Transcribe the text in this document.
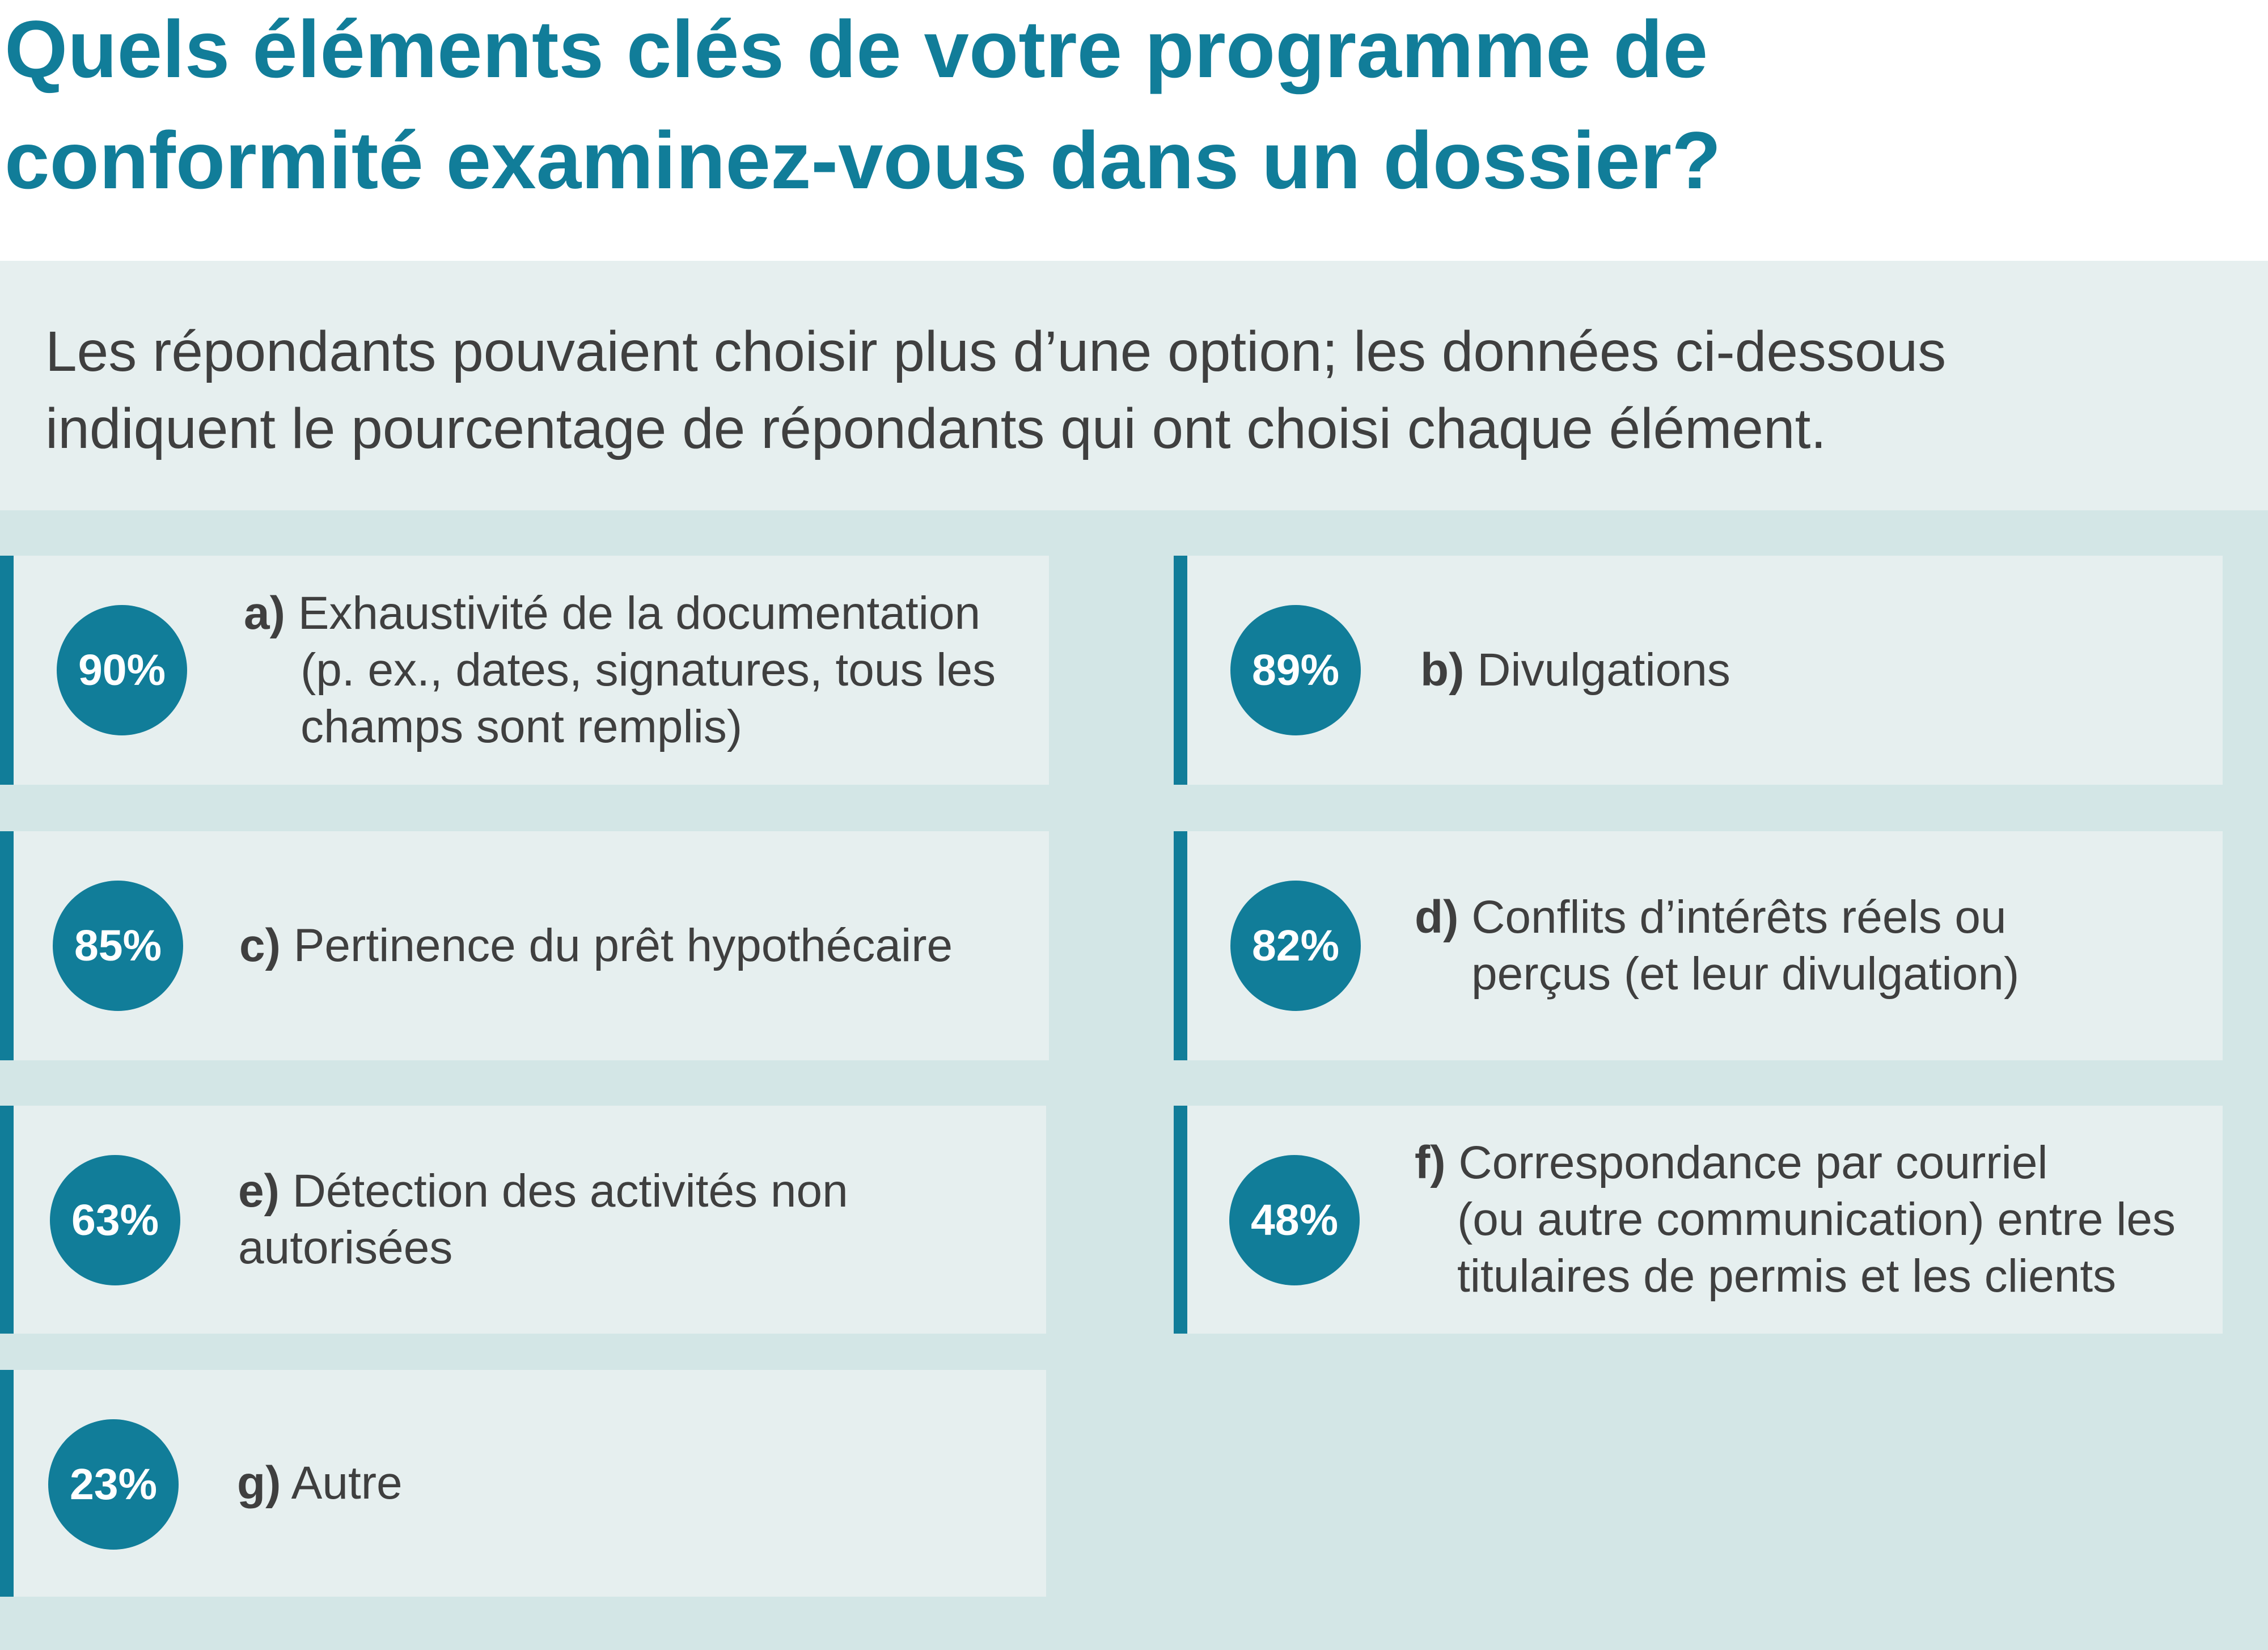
Quels éléments clés de votre programme de
conformité examinez-vous dans un dossier?

Les répondants pouvaient choisir plus d’une option; les données ci-dessous
indiquent le pourcentage de répondants qui ont choisi chaque élément.

90%
a) Exhaustivité de la documentation
(p. ex., dates, signatures, tous les
champs sont remplis)
89%	b) Divulgations
85%	c) Pertinence du prêt hypothécaire	82%
d) Conflits d’intérêts réels ou
perçus (et leur divulgation)
63%
e) Détection des activités non
autorisées
48%
f) Correspondance par courriel
(ou autre communication) entre les
titulaires de permis et les clients
23%	g) Autre
